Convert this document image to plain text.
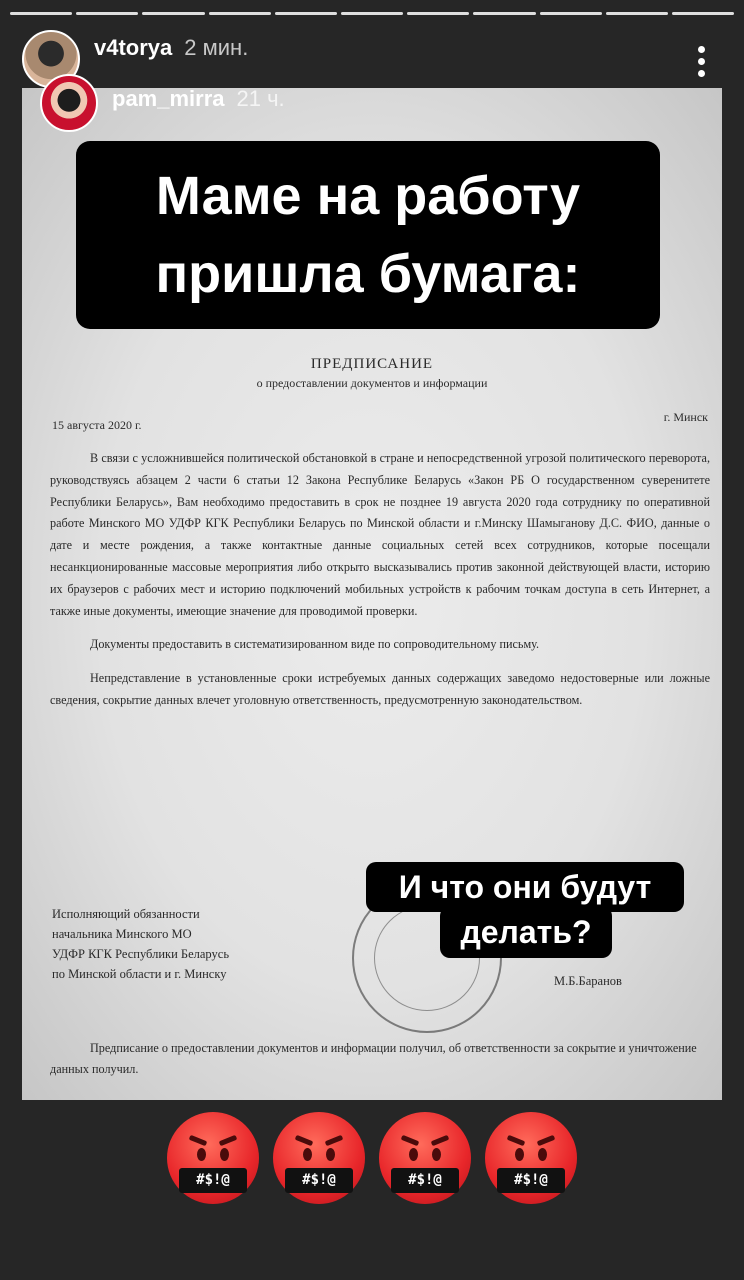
ПРЕДПИСАНИЕ
о предоставлении документов и информации
15 августа 2020 г.
г. Минск

В связи с усложнившейся политической обстановкой в стране и непосредственной угрозой политического переворота, руководствуясь абзацем 2 части 6 статьи 12 Закона Республике Беларусь «Закон РБ О государственном суверенитете Республики Беларусь», Вам необходимо предоставить в срок не позднее 19 августа 2020 года сотруднику по оперативной работе Минского МО УДФР КГК Республики Беларусь по Минской области и г.Минску Шамыганову Д.С. ФИО, данные о дате и месте рождения, а также контактные данные социальных сетей всех сотрудников, которые посещали несанкционированные массовые мероприятия либо открыто высказывались против законной действующей власти, историю их браузеров с рабочих мест и историю подключений мобильных устройств к рабочим точкам доступа в сеть Интернет, а также иные документы, имеющие значение для проводимой проверки.

Документы предоставить в систематизированном виде по сопроводительному письму.

Непредставление в установленные сроки истребуемых данных содержащих заведомо недостоверные или ложные сведения, сокрытие данных влечет уголовную ответственность, предусмотренную законодательством.

Исполняющий обязанности
начальника Минского МО
УДФР КГК Республики Беларусь
по Минской области и г. Минску	М.Б.Баранов
Предписание о предоставлении документов и информации получил, об ответственности за сокрытие и уничтожение данных получил.
v4torya 2 мин.
pam_mirra 21 ч.
Маме на работу
пришла бумага:
И что они будут
делать?
#$!@	#$!@	#$!@	#$!@
